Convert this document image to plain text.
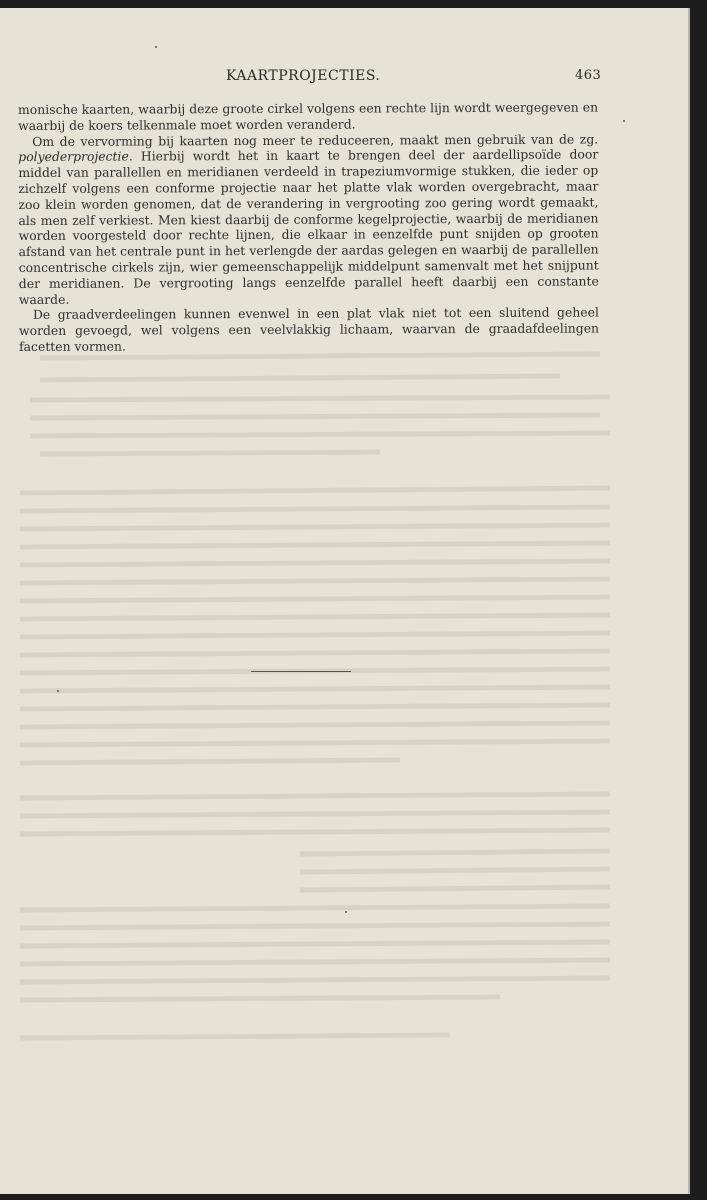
KAARTPROJECTIES.	463

monische kaarten, waarbij deze groote cirkel volgens een rechte lijn wordt weergegeven en waarbij de koers telkenmale moet worden veranderd.

Om de vervorming bij kaarten nog meer te reduceeren, maakt men gebruik van de zg. polyederprojectie. Hierbij wordt het in kaart te brengen deel der aardellipsoïde door middel van parallellen en meridianen verdeeld in trapeziumvormige stukken, die ieder op zichzelf volgens een conforme projectie naar het platte vlak worden overgebracht, maar zoo klein worden genomen, dat de verandering in vergrooting zoo gering wordt gemaakt, als men zelf verkiest. Men kiest daarbij de conforme kegelprojectie, waarbij de meridianen worden voorgesteld door rechte lijnen, die elkaar in eenzelfde punt snijden op grooten afstand van het centrale punt in het verlengde der aardas gelegen en waarbij de parallellen concentrische cirkels zijn, wier gemeenschappelijk middelpunt samenvalt met het snijpunt der meridianen. De vergrooting langs eenzelfde parallel heeft daarbij een constante waarde.

De graadverdeelingen kunnen evenwel in een plat vlak niet tot een sluitend geheel worden gevoegd, wel volgens een veelvlakkig lichaam, waarvan de graadafdeelingen facetten vormen.
